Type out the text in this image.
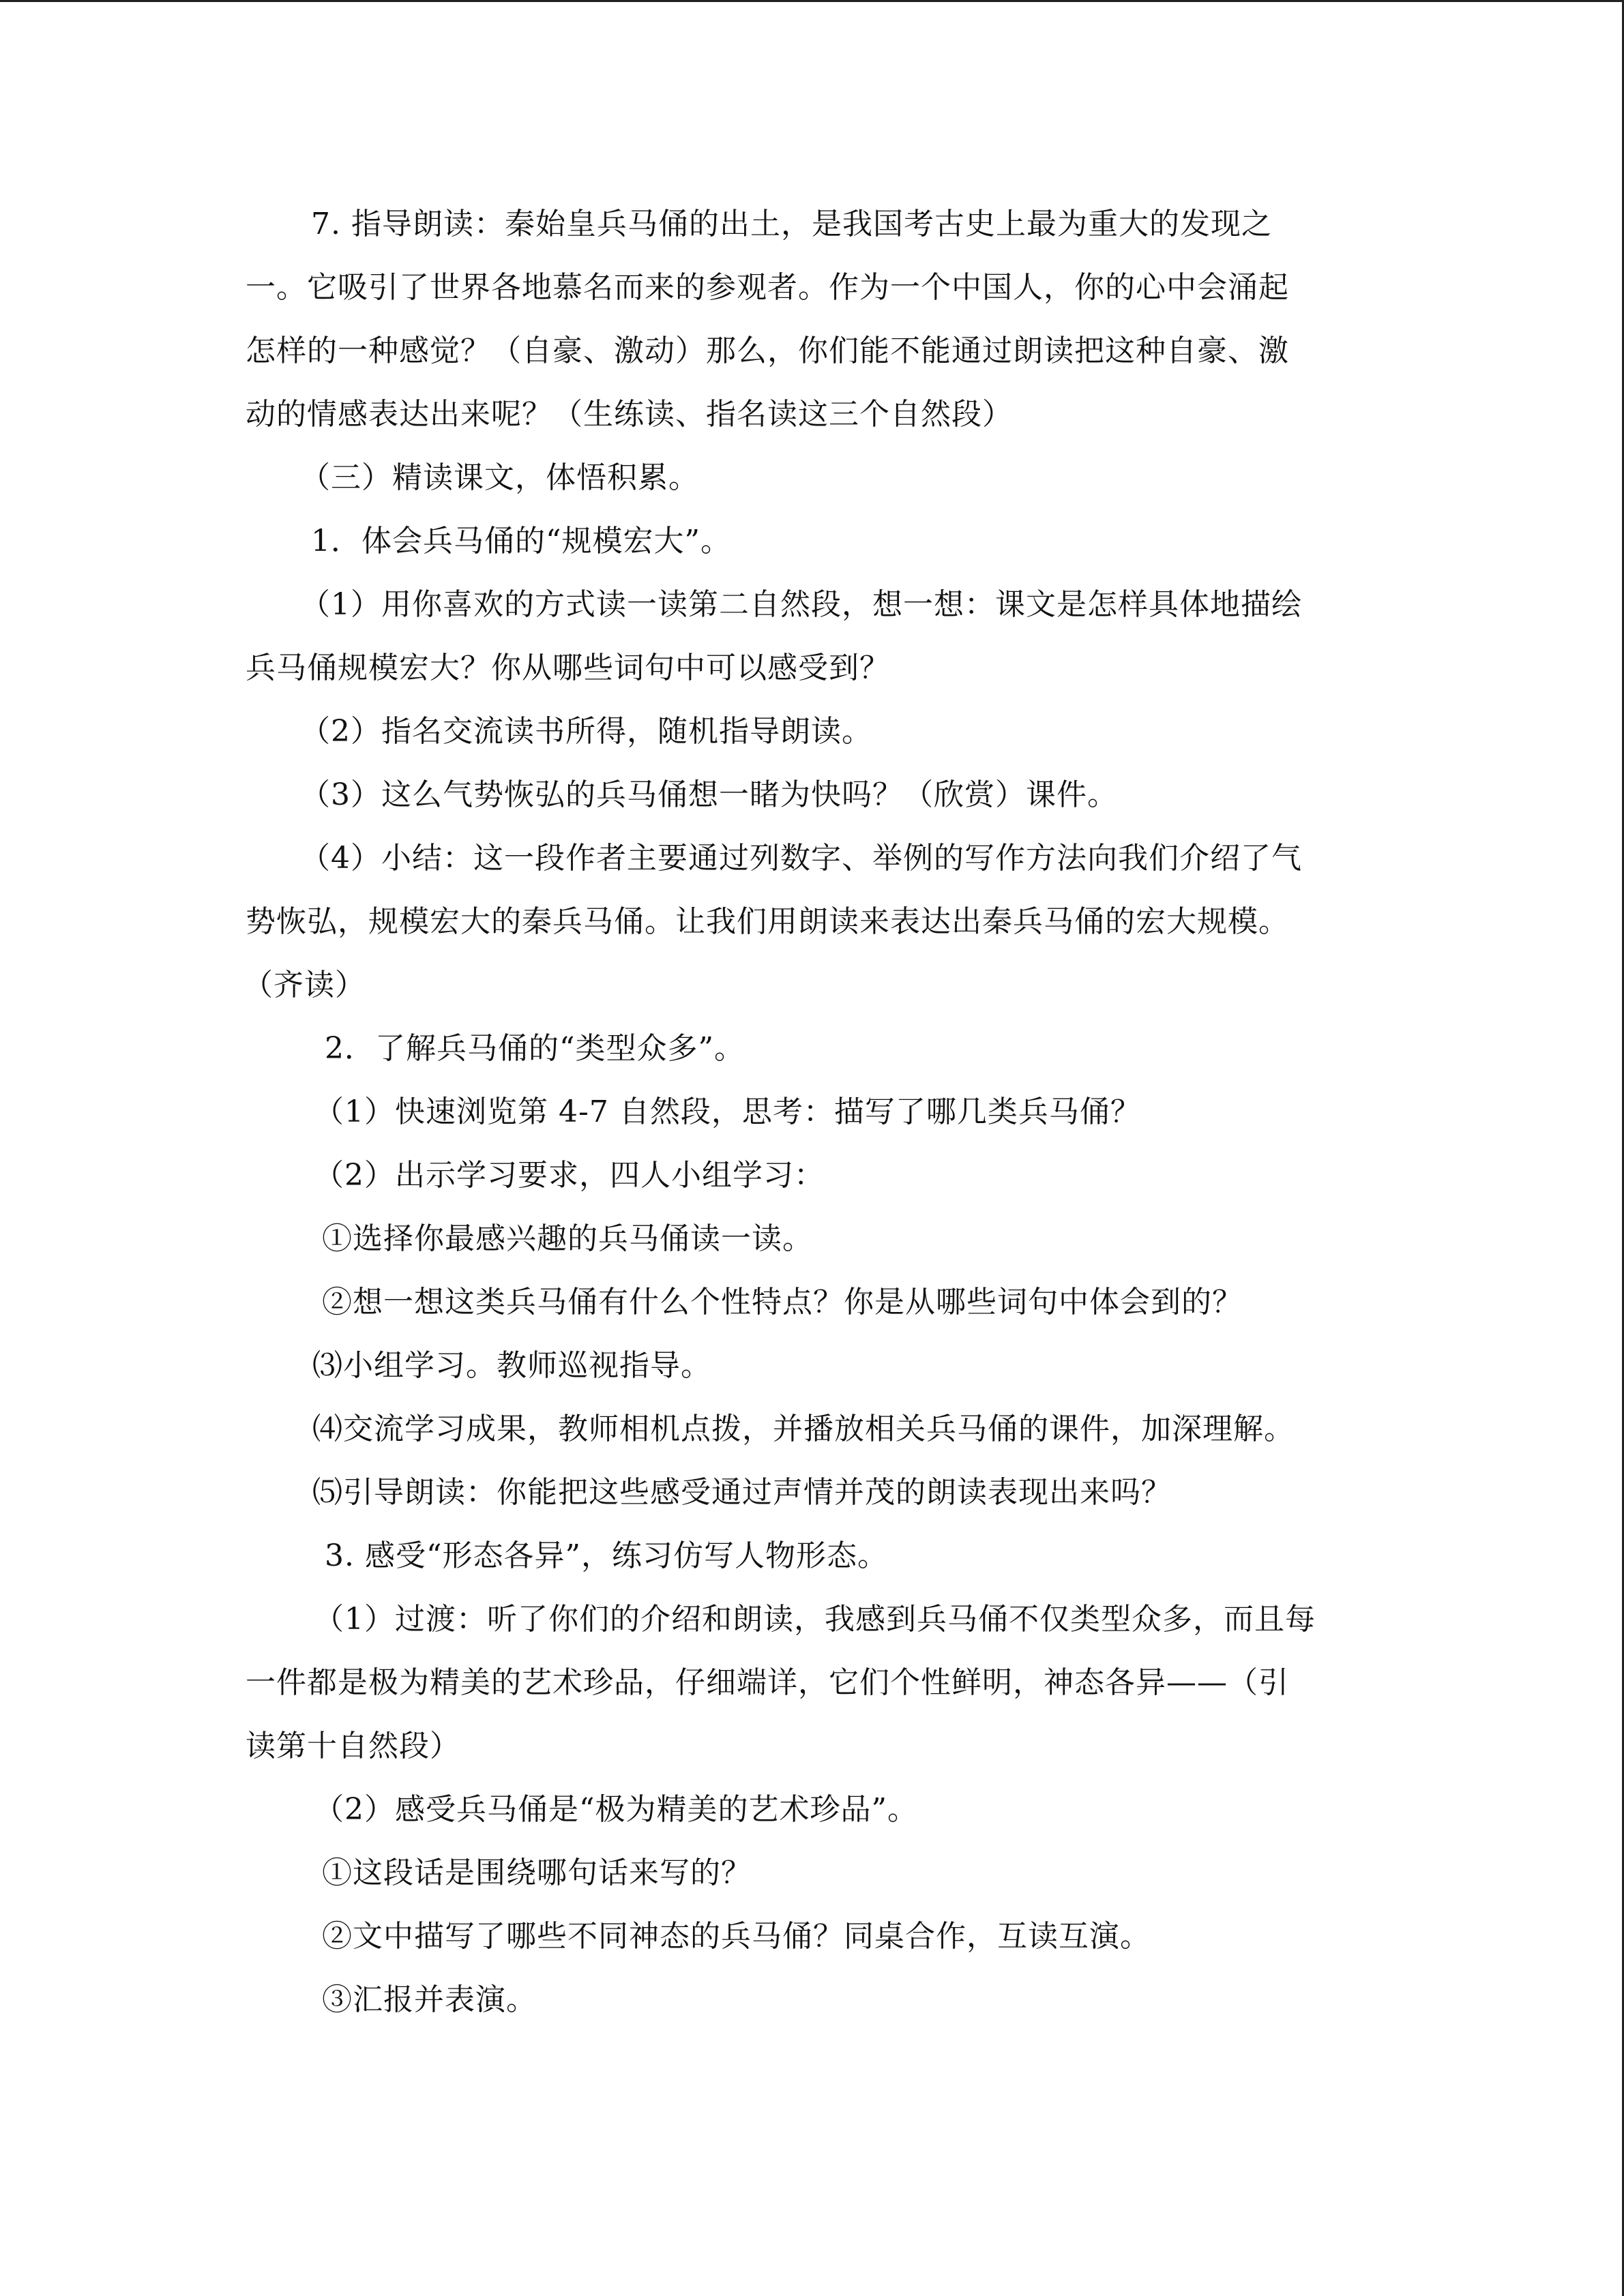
7. 指导朗读：秦始皇兵马俑的出土，是我国考古史上最为重大的发现之
一。它吸引了世界各地慕名而来的参观者。作为一个中国人，你的心中会涌起
怎样的一种感觉？（自豪、激动）那么，你们能不能通过朗读把这种自豪、激
动的情感表达出来呢？（生练读、指名读这三个自然段）
（三）精读课文，体悟积累。
1．体会兵马俑的“规模宏大”。
（1）用你喜欢的方式读一读第二自然段，想一想：课文是怎样具体地描绘
兵马俑规模宏大？你从哪些词句中可以感受到？
（2）指名交流读书所得，随机指导朗读。
（3）这么气势恢弘的兵马俑想一睹为快吗？（欣赏）课件。
（4）小结：这一段作者主要通过列数字、举例的写作方法向我们介绍了气
势恢弘，规模宏大的秦兵马俑。让我们用朗读来表达出秦兵马俑的宏大规模。
（齐读）
2．了解兵马俑的“类型众多”。
（1）快速浏览第 4-7 自然段，思考：描写了哪几类兵马俑？
（2）出示学习要求，四人小组学习：
①选择你最感兴趣的兵马俑读一读。
②想一想这类兵马俑有什么个性特点？你是从哪些词句中体会到的？
⑶小组学习。教师巡视指导。
⑷交流学习成果，教师相机点拨，并播放相关兵马俑的课件，加深理解。
⑸引导朗读：你能把这些感受通过声情并茂的朗读表现出来吗？
3. 感受“形态各异”，练习仿写人物形态。
（1）过渡：听了你们的介绍和朗读，我感到兵马俑不仅类型众多，而且每
一件都是极为精美的艺术珍品，仔细端详，它们个性鲜明，神态各异——（引
读第十自然段）
（2）感受兵马俑是“极为精美的艺术珍品”。
①这段话是围绕哪句话来写的？
②文中描写了哪些不同神态的兵马俑？同桌合作，互读互演。
③汇报并表演。
